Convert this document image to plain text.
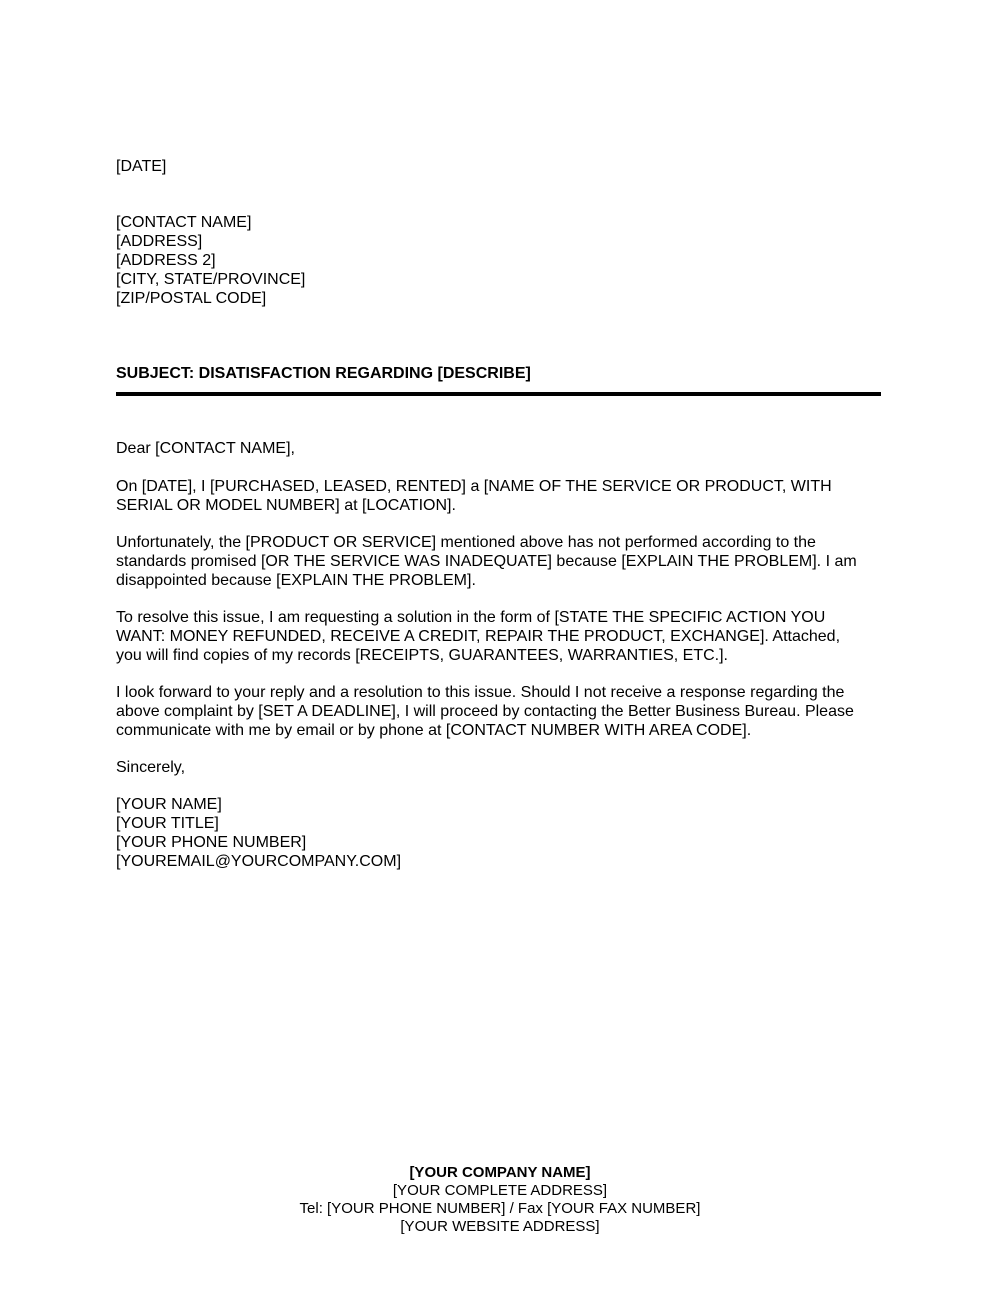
[DATE]
[CONTACT NAME]
[ADDRESS]
[ADDRESS 2]
[CITY, STATE/PROVINCE]
[ZIP/POSTAL CODE]
SUBJECT: DISATISFACTION REGARDING [DESCRIBE]
Dear [CONTACT NAME],
On [DATE], I [PURCHASED, LEASED, RENTED] a [NAME OF THE SERVICE OR PRODUCT, WITH
SERIAL OR MODEL NUMBER] at [LOCATION].
Unfortunately, the [PRODUCT OR SERVICE] mentioned above has not performed according to the
standards promised [OR THE SERVICE WAS INADEQUATE] because [EXPLAIN THE PROBLEM]. I am
disappointed because [EXPLAIN THE PROBLEM].
To resolve this issue, I am requesting a solution in the form of [STATE THE SPECIFIC ACTION YOU
WANT: MONEY REFUNDED, RECEIVE A CREDIT, REPAIR THE PRODUCT, EXCHANGE]. Attached,
you will find copies of my records [RECEIPTS, GUARANTEES, WARRANTIES, ETC.].
I look forward to your reply and a resolution to this issue. Should I not receive a response regarding the
above complaint by [SET A DEADLINE], I will proceed by contacting the Better Business Bureau. Please
communicate with me by email or by phone at [CONTACT NUMBER WITH AREA CODE].
Sincerely,
[YOUR NAME]
[YOUR TITLE]
[YOUR PHONE NUMBER]
[YOUREMAIL@YOURCOMPANY.COM]
[YOUR COMPANY NAME]
[YOUR COMPLETE ADDRESS]
Tel: [YOUR PHONE NUMBER] / Fax [YOUR FAX NUMBER]
[YOUR WEBSITE ADDRESS]
